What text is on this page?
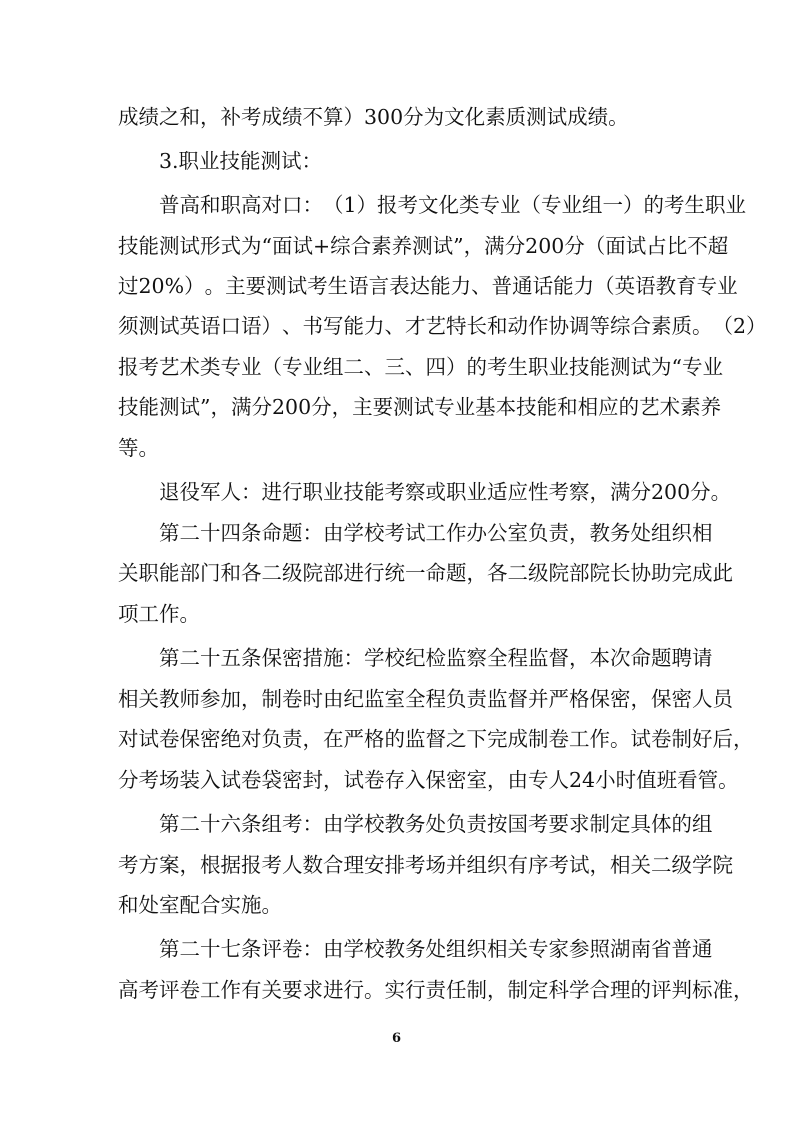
成绩之和，补考成绩不算）300分为文化素质测试成绩。
3.职业技能测试：
普 高 和 职 高 对 口 ： （ 1 ） 报 考 文 化 类 专 业 （ 专 业 组 一 ） 的 考 生 职 业
技 能 测 试 形 式 为 “ 面 试 + 综 合 素 养 测 试 ” ， 满 分 200 分 （ 面 试 占 比 不 超
过 20% ） 。 主 要 测 试 考 生 语 言 表 达 能 力 、 普 通 话 能 力 （ 英 语 教 育 专 业
须 测 试 英 语 口 语 ） 、 书 写 能 力 、 才 艺 特 长 和 动 作 协 调 等 综 合 素 质 。 （ 2 ）
报 考 艺 术 类 专 业 （ 专 业 组 二 、 三 、 四 ） 的 考 生 职 业 技 能 测 试 为 “ 专 业
技 能 测 试 ” ， 满 分 200 分 ， 主 要 测 试 专 业 基 本 技 能 和 相 应 的 艺 术 素 养
等。
退役军人：进行职业技能考察或职业适应性考察，满分200分。
第 二 十 四 条 命 题 ： 由 学 校 考 试 工 作 办 公 室 负 责 ， 教 务 处 组 织 相
关 职 能 部 门 和 各 二 级 院 部 进 行 统 一 命 题 ， 各 二 级 院 部 院 长 协 助 完 成 此
项工作。
第 二 十 五 条 保 密 措 施 ： 学 校 纪 检 监 察 全 程 监 督 ， 本 次 命 题 聘 请
相 关 教 师 参 加 ， 制 卷 时 由 纪 监 室 全 程 负 责 监 督 并 严 格 保 密 ， 保 密 人 员
对 试 卷 保 密 绝 对 负 责 ， 在 严 格 的 监 督 之 下 完 成 制 卷 工 作 。 试 卷 制 好 后 ，
分 考 场 装 入 试 卷 袋 密 封 ， 试 卷 存 入 保 密 室 ， 由 专 人 24 小 时 值 班 看 管 。
第 二 十 六 条 组 考 ： 由 学 校 教 务 处 负 责 按 国 考 要 求 制 定 具 体 的 组
考 方 案 ， 根 据 报 考 人 数 合 理 安 排 考 场 并 组 织 有 序 考 试 ， 相 关 二 级 学 院
和处室配合实施。
第 二 十 七 条 评 卷 ： 由 学 校 教 务 处 组 织 相 关 专 家 参 照 湖 南 省 普 通
高 考 评 卷 工 作 有 关 要 求 进 行 。 实 行 责 任 制 ， 制 定 科 学 合 理 的 评 判 标 准 ，
6
